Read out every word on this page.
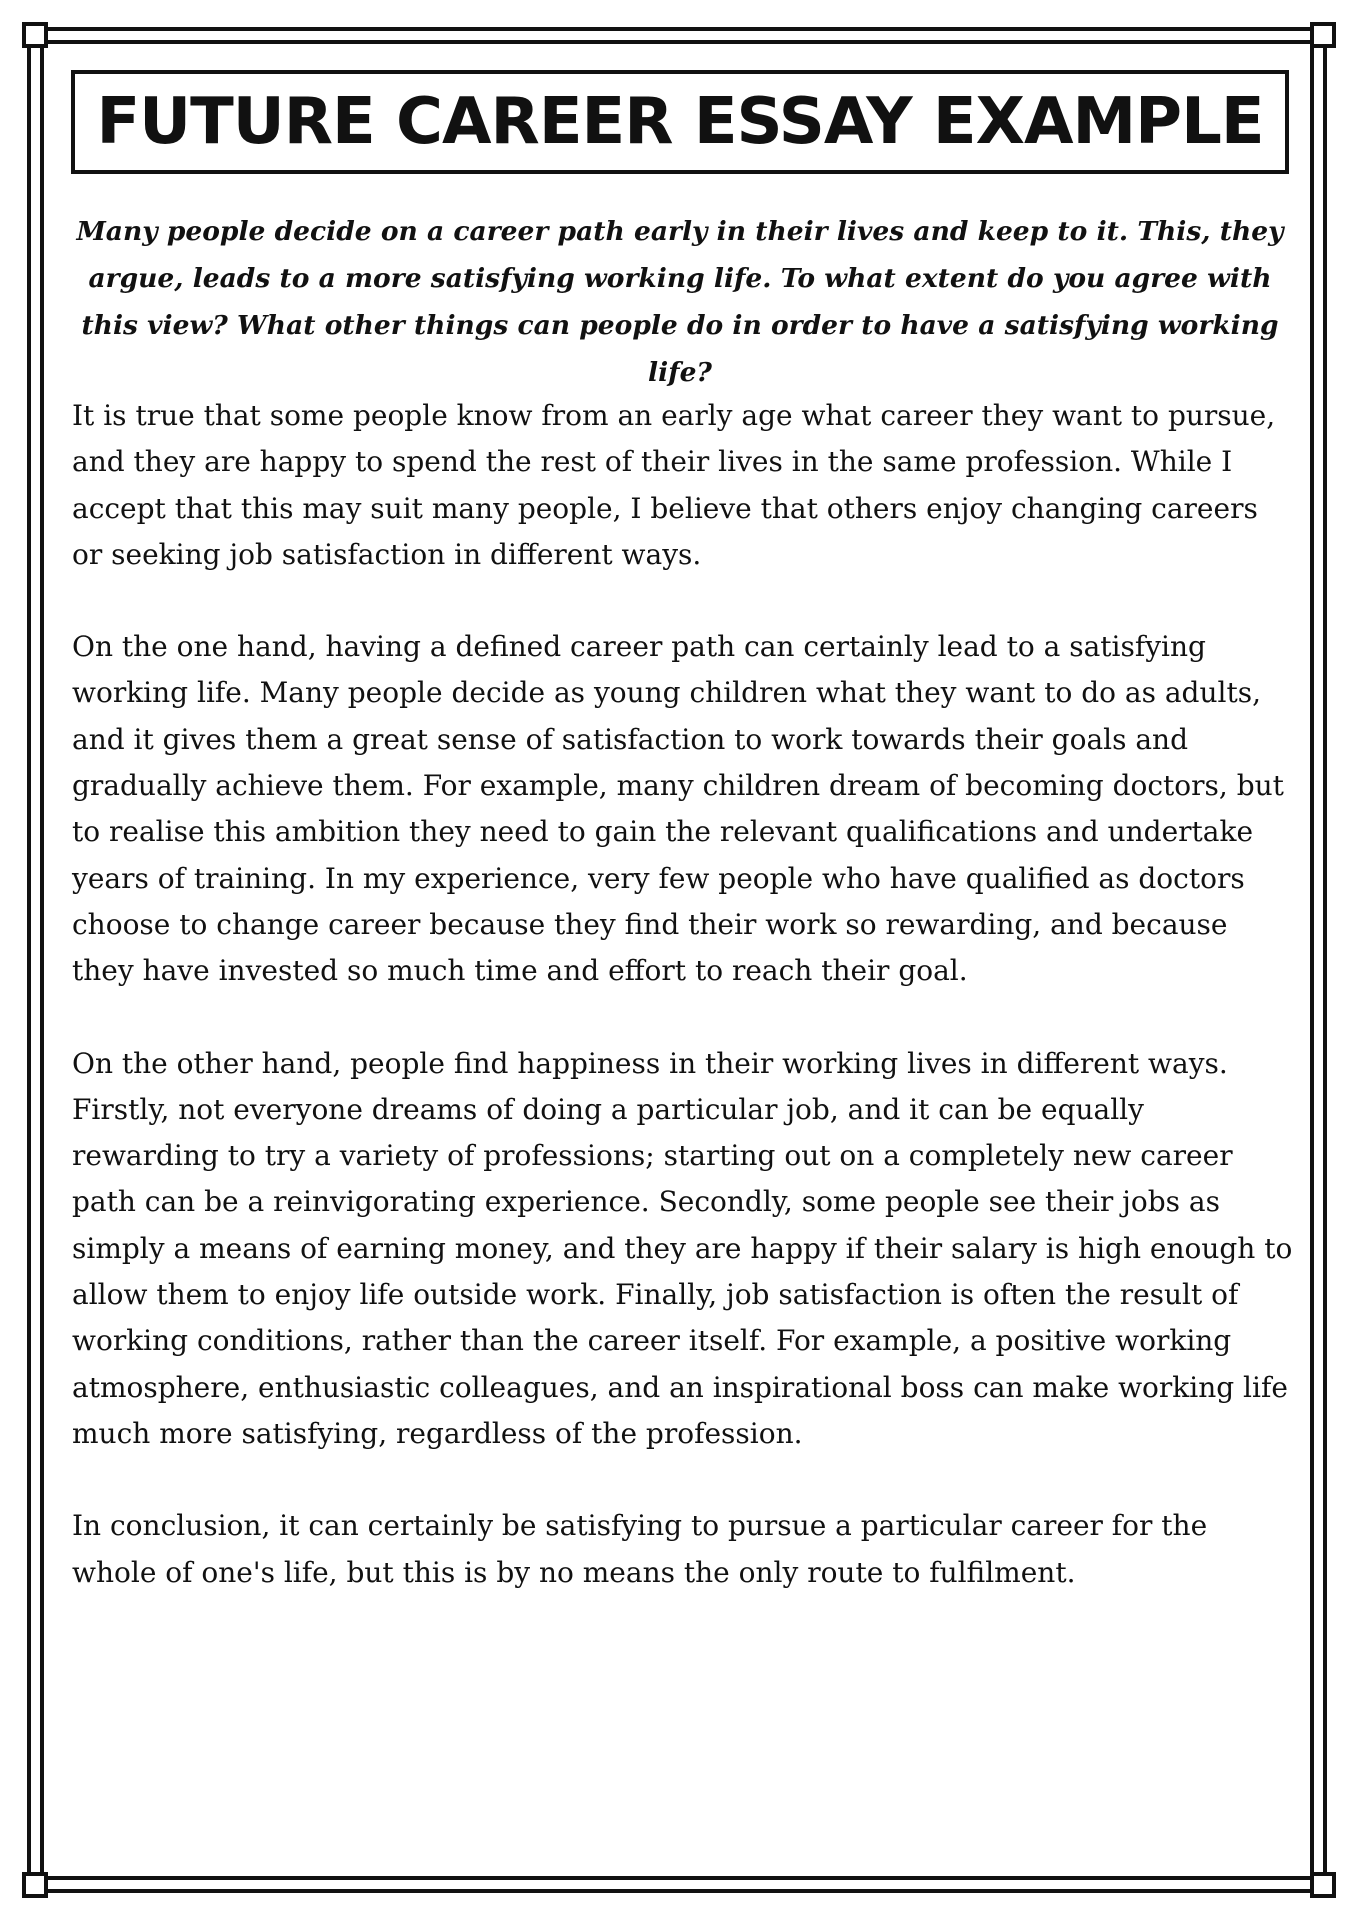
FUTURE CAREER ESSAY EXAMPLE

Many people decide on a career path early in their lives and keep to it. This, they argue, leads to a more satisfying working life. To what extent do you agree with this view? What other things can people do in order to have a satisfying working life?

It is true that some people know from an early age what career they want to pursue, and they are happy to spend the rest of their lives in the same profession. While I accept that this may suit many people, I believe that others enjoy changing careers or seeking job satisfaction in different ways.

On the one hand, having a defined career path can certainly lead to a satisfying working life. Many people decide as young children what they want to do as adults, and it gives them a great sense of satisfaction to work towards their goals and gradually achieve them. For example, many children dream of becoming doctors, but to realise this ambition they need to gain the relevant qualifications and undertake years of training. In my experience, very few people who have qualified as doctors choose to change career because they find their work so rewarding, and because they have invested so much time and effort to reach their goal.

On the other hand, people find happiness in their working lives in different ways. Firstly, not everyone dreams of doing a particular job, and it can be equally rewarding to try a variety of professions; starting out on a completely new career path can be a reinvigorating experience. Secondly, some people see their jobs as simply a means of earning money, and they are happy if their salary is high enough to allow them to enjoy life outside work. Finally, job satisfaction is often the result of working conditions, rather than the career itself. For example, a positive working atmosphere, enthusiastic colleagues, and an inspirational boss can make working life much more satisfying, regardless of the profession.

In conclusion, it can certainly be satisfying to pursue a particular career for the whole of one's life, but this is by no means the only route to fulfilment.
